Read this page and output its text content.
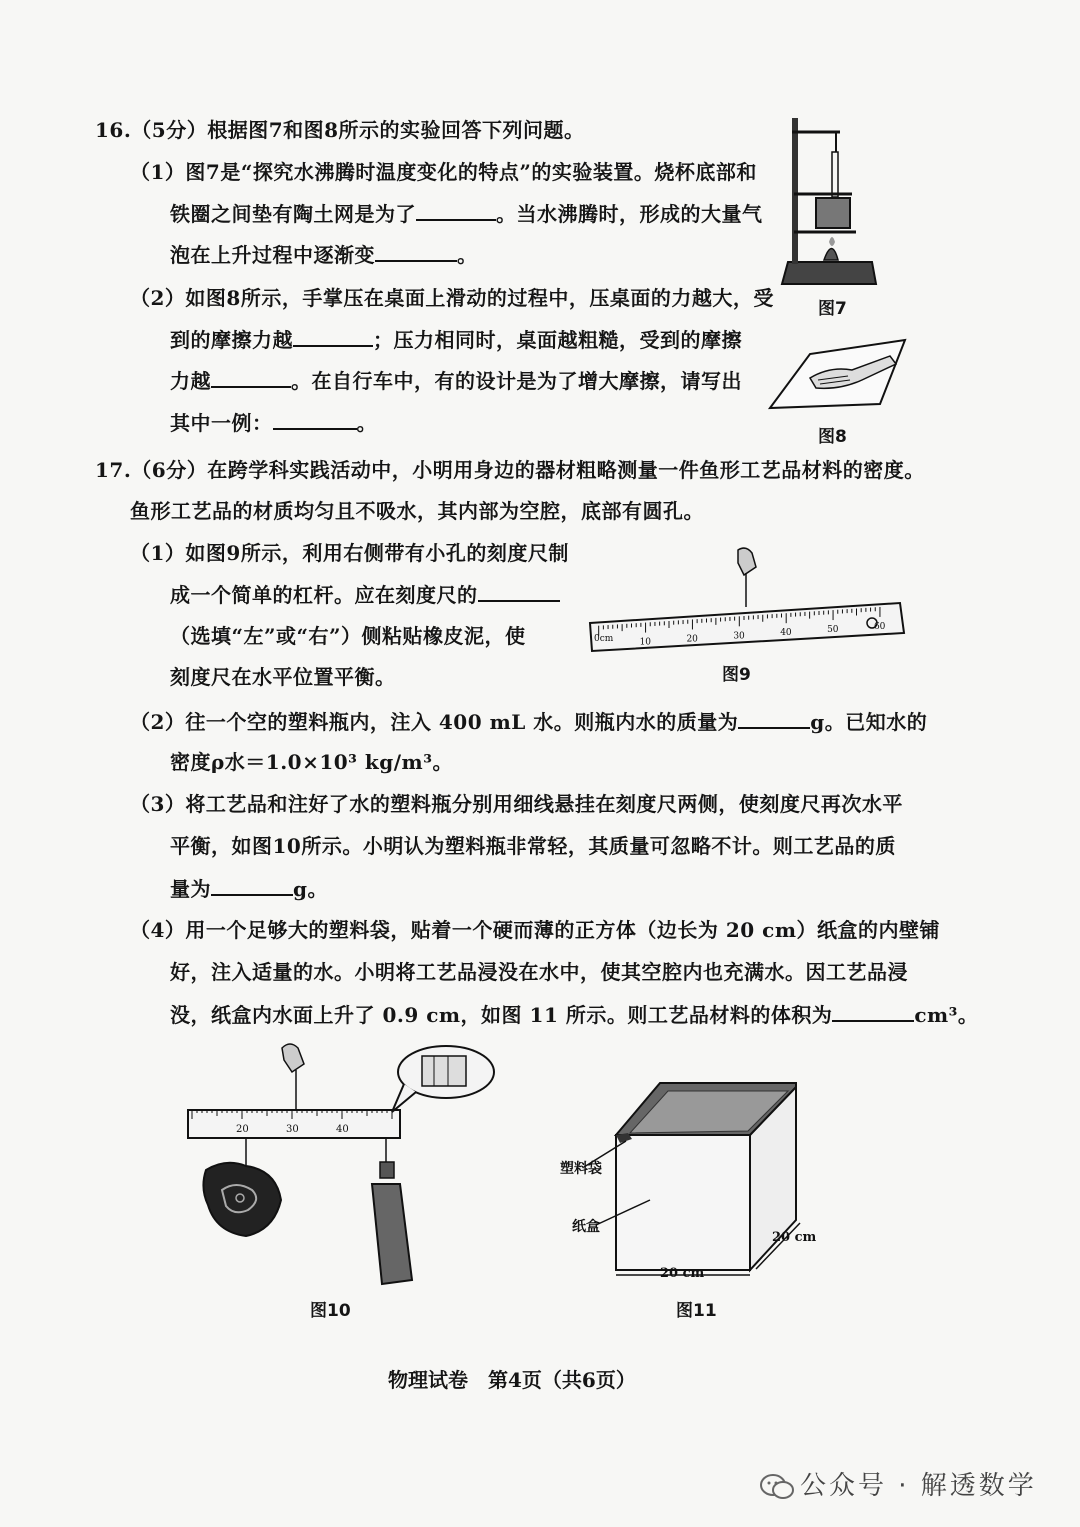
16.（5分）根据图7和图8所示的实验回答下列问题。
（1）图7是“探究水沸腾时温度变化的特点”的实验装置。烧杯底部和
铁圈之间垫有陶土网是为了	。当水沸腾时，形成的大量气
泡在上升过程中逐渐变	。
（2）如图8所示，手掌压在桌面上滑动的过程中，压桌面的力越大，受
到的摩擦力越	；压力相同时，桌面越粗糙，受到的摩擦
力越	。在自行车中，有的设计是为了增大摩擦，请写出
其中一例：	。
图7
图8
17.（6分）在跨学科实践活动中，小明用身边的器材粗略测量一件鱼形工艺品材料的密度。
鱼形工艺品的材质均匀且不吸水，其内部为空腔，底部有圆孔。
（1）如图9所示，利用右侧带有小孔的刻度尺制
成一个简单的杠杆。应在刻度尺的
（选填“左”或“右”）侧粘贴橡皮泥，使
刻度尺在水平位置平衡。
10	20	30	40	50	60
0cm
图9
（2）往一个空的塑料瓶内，注入 400 mL 水。则瓶内水的质量为	g。已知水的
密度ρ水＝1.0×10³ kg/m³。
（3）将工艺品和注好了水的塑料瓶分别用细线悬挂在刻度尺两侧，使刻度尺再次水平
平衡，如图10所示。小明认为塑料瓶非常轻，其质量可忽略不计。则工艺品的质
量为	g。
（4）用一个足够大的塑料袋，贴着一个硬而薄的正方体（边长为 20 cm）纸盒的内壁铺
好，注入适量的水。小明将工艺品浸没在水中，使其空腔内也充满水。因工艺品浸
没，纸盒内水面上升了 0.9 cm，如图 11 所示。则工艺品材料的体积为	cm³。
20	30	40
图10
塑料袋
纸盒
20 cm
20 cm
图11
物理试卷　第4页（共6页）
公众号 · 解透数学
